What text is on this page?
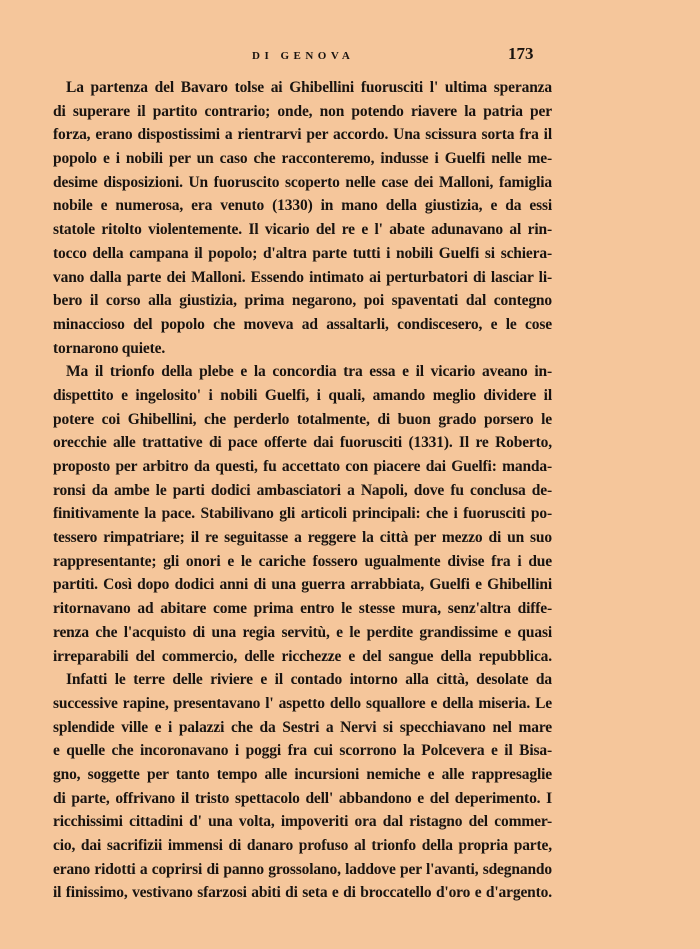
DI GENOVA	173
La partenza del Bavaro tolse ai Ghibellini fuorusciti l' ultima speranza
di superare il partito contrario; onde, non potendo riavere la patria per
forza, erano dispostissimi a rientrarvi per accordo. Una scissura sorta fra il
popolo e i nobili per un caso che racconteremo, indusse i Guelfi nelle me-
desime disposizioni. Un fuoruscito scoperto nelle case dei Malloni, famiglia
nobile e numerosa, era venuto (1330) in mano della giustizia, e da essi
statole ritolto violentemente. Il vicario del re e l' abate adunavano al rin-
tocco della campana il popolo; d'altra parte tutti i nobili Guelfi si schiera-
vano dalla parte dei Malloni. Essendo intimato ai perturbatori di lasciar li-
bero il corso alla giustizia, prima negarono, poi spaventati dal contegno
minaccioso del popolo che moveva ad assaltarli, condiscesero, e le cose
tornarono quiete.
Ma il trionfo della plebe e la concordia tra essa e il vicario aveano in-
dispettito e ingelosito' i nobili Guelfi, i quali, amando meglio dividere il
potere coi Ghibellini, che perderlo totalmente, di buon grado porsero le
orecchie alle trattative di pace offerte dai fuorusciti (1331). Il re Roberto,
proposto per arbitro da questi, fu accettato con piacere dai Guelfi: manda-
ronsi da ambe le parti dodici ambasciatori a Napoli, dove fu conclusa de-
finitivamente la pace. Stabilivano gli articoli principali: che i fuorusciti po-
tessero rimpatriare; il re seguitasse a reggere la città per mezzo di un suo
rappresentante; gli onori e le cariche fossero ugualmente divise fra i due
partiti. Così dopo dodici anni di una guerra arrabbiata, Guelfi e Ghibellini
ritornavano ad abitare come prima entro le stesse mura, senz'altra diffe-
renza che l'acquisto di una regia servitù, e le perdite grandissime e quasi
irreparabili del commercio, delle ricchezze e del sangue della repubblica.
Infatti le terre delle riviere e il contado intorno alla città, desolate da
successive rapine, presentavano l' aspetto dello squallore e della miseria. Le
splendide ville e i palazzi che da Sestri a Nervi si specchiavano nel mare
e quelle che incoronavano i poggi fra cui scorrono la Polcevera e il Bisa-
gno, soggette per tanto tempo alle incursioni nemiche e alle rappresaglie
di parte, offrivano il tristo spettacolo dell' abbandono e del deperimento. I
ricchissimi cittadini d' una volta, impoveriti ora dal ristagno del commer-
cio, dai sacrifizii immensi di danaro profuso al trionfo della propria parte,
erano ridotti a coprirsi di panno grossolano, laddove per l'avanti, sdegnando
il finissimo, vestivano sfarzosi abiti di seta e di broccatello d'oro e d'argento.
